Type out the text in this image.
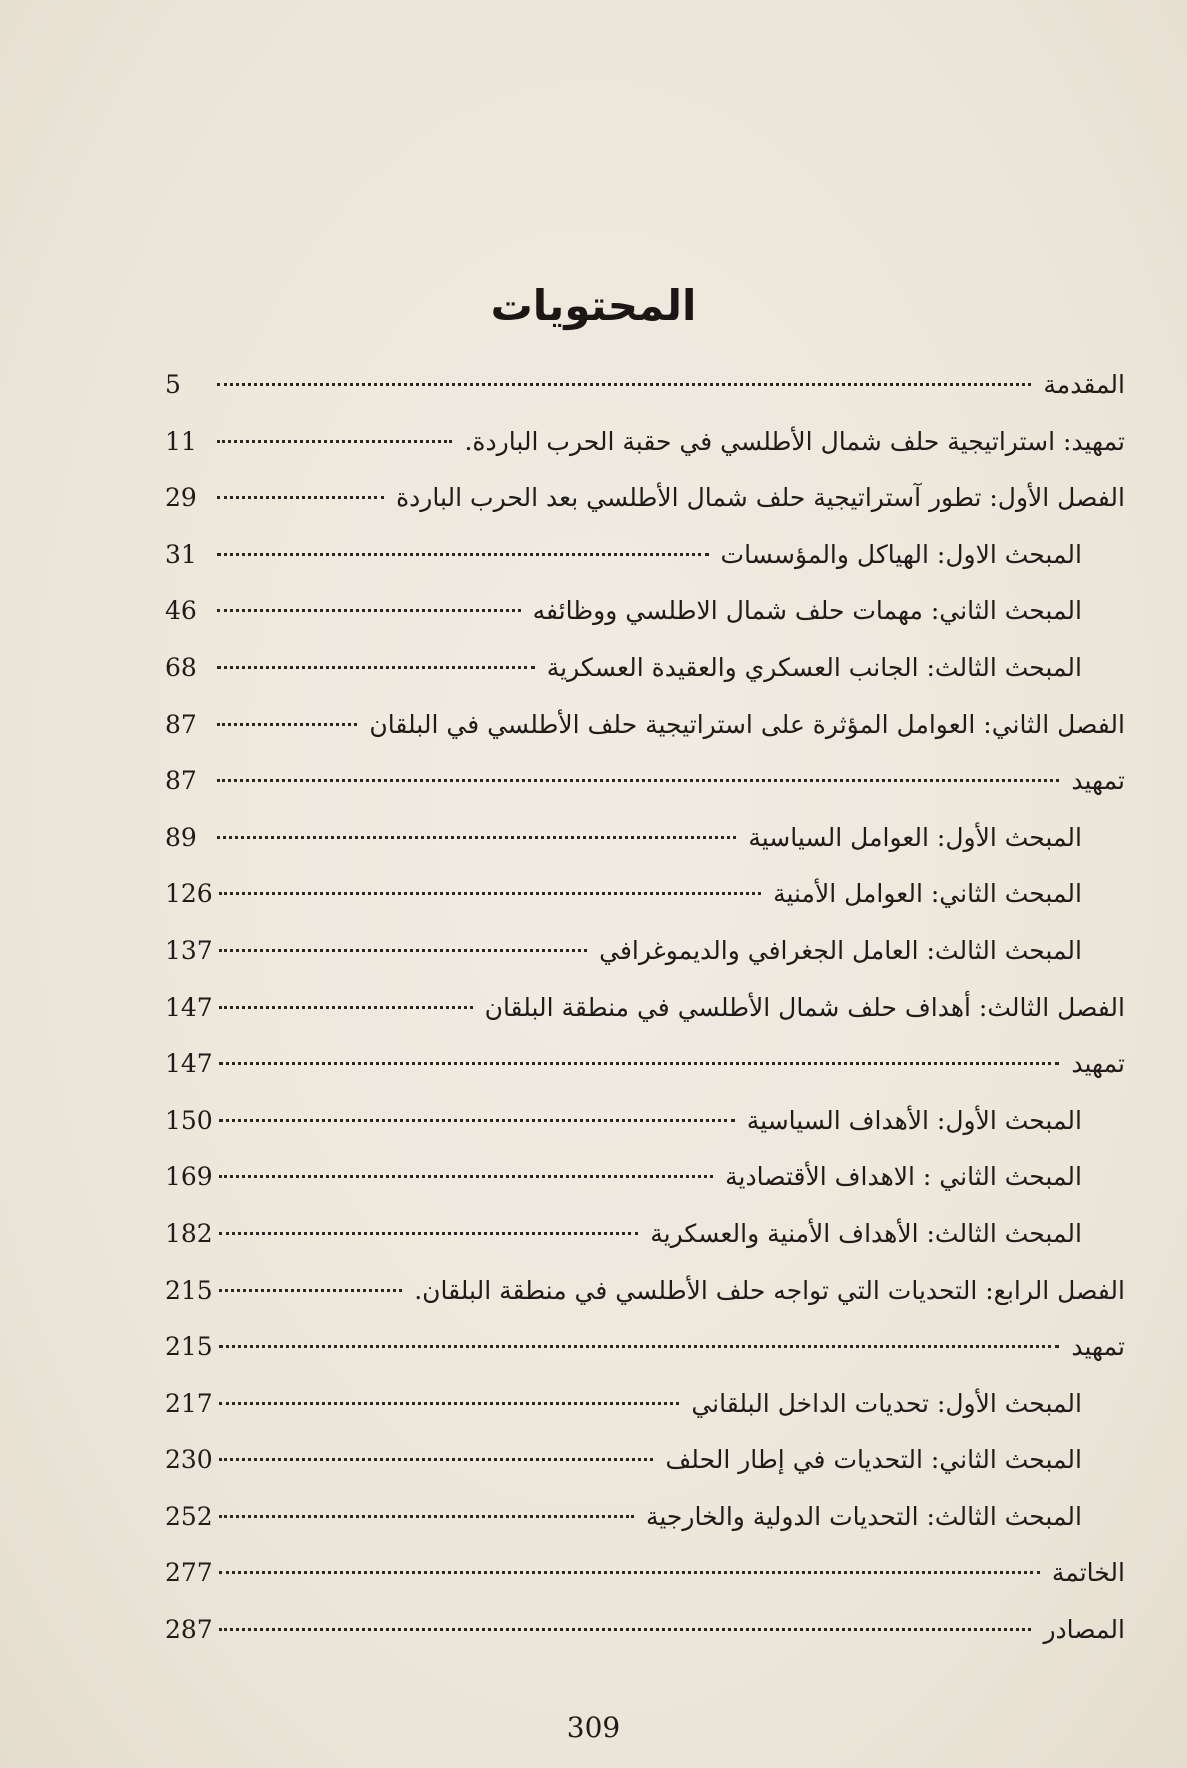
المحتويات
المقدمة
5
تمهيد: استراتيجية حلف شمال الأطلسي في حقبة الحرب الباردة.
11
الفصل الأول: تطور آستراتيجية حلف شمال الأطلسي بعد الحرب الباردة
29
المبحث الاول: الهياكل والمؤسسات
31
المبحث الثاني: مهمات حلف شمال الاطلسي ووظائفه
46
المبحث الثالث: الجانب العسكري والعقيدة العسكرية
68
الفصل الثاني: العوامل المؤثرة على استراتيجية حلف الأطلسي في البلقان
87
تمهيد
87
المبحث الأول: العوامل السياسية
89
المبحث الثاني: العوامل الأمنية
126
المبحث الثالث: العامل الجغرافي والديموغرافي
137
الفصل الثالث: أهداف حلف شمال الأطلسي في منطقة البلقان
147
تمهيد
147
المبحث الأول: الأهداف السياسية
150
المبحث الثاني : الاهداف الأقتصادية
169
المبحث الثالث: الأهداف الأمنية والعسكرية
182
الفصل الرابع: التحديات التي تواجه حلف الأطلسي في منطقة البلقان.
215
تمهيد
215
المبحث الأول: تحديات الداخل البلقاني
217
المبحث الثاني: التحديات في إطار الحلف
230
المبحث الثالث: التحديات الدولية والخارجية
252
الخاتمة
277
المصادر
287
309
